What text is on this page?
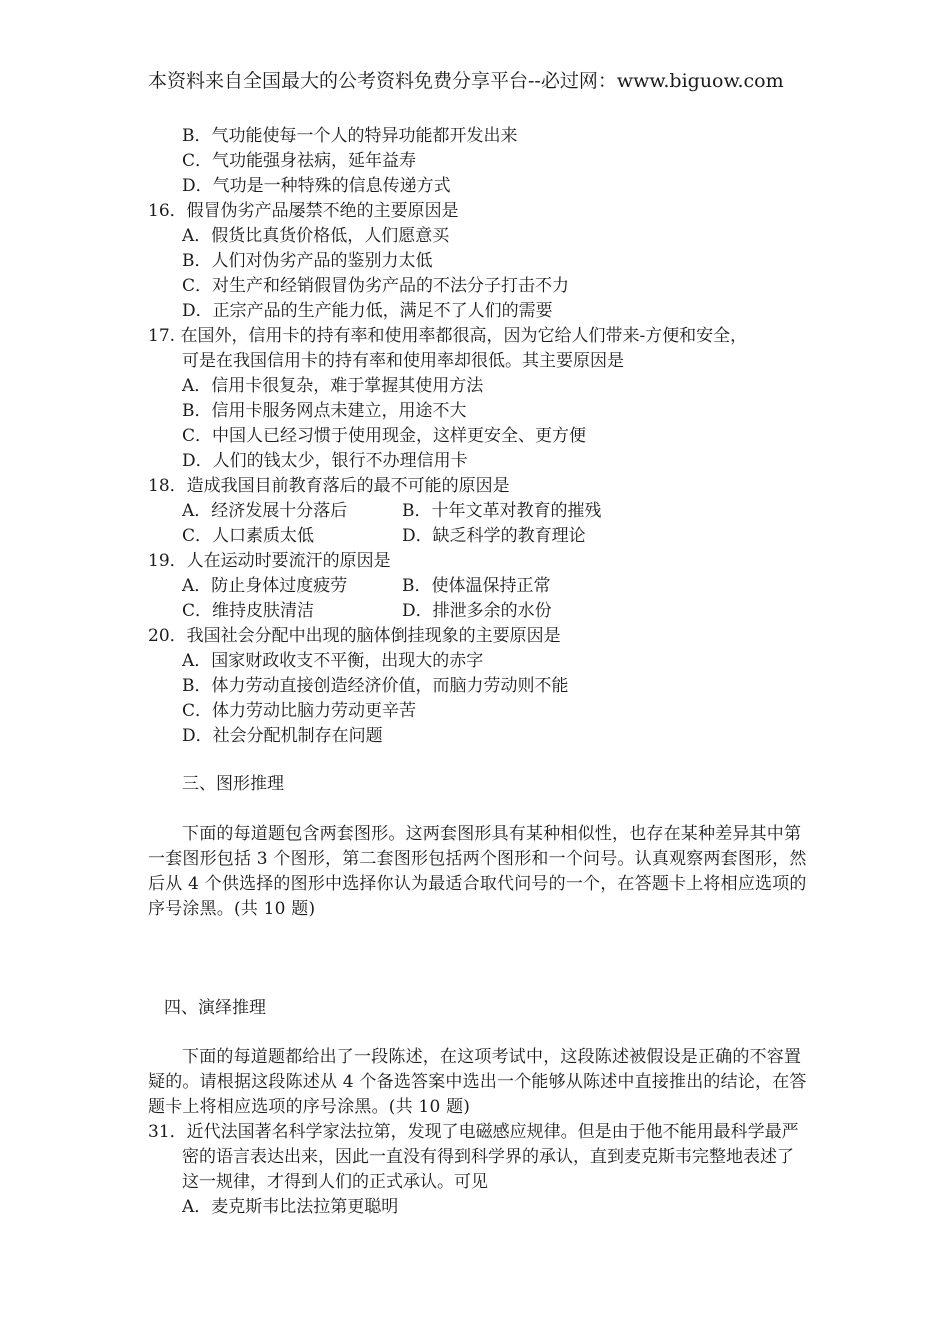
本资料来自全国最大的公考资料免费分享平台--必过网：www.biguow.com
B．气功能使每一个人的特异功能都开发出来
C．气功能强身祛病，延年益寿
D．气功是一种特殊的信息传递方式
16．假冒伪劣产品屡禁不绝的主要原因是
A．假货比真货价格低，人们愿意买
B．人们对伪劣产品的鉴别力太低
C．对生产和经销假冒伪劣产品的不法分子打击不力
D．正宗产品的生产能力低，满足不了人们的需要
17. 在国外，信用卡的持有率和使用率都很高，因为它给人们带来-方便和安全，
可是在我国信用卡的持有率和使用率却很低。其主要原因是
A．信用卡很复杂，难于掌握其使用方法
B．信用卡服务网点未建立，用途不大
C．中国人已经习惯于使用现金，这样更安全、更方便
D．人们的钱太少，银行不办理信用卡
18．造成我国目前教育落后的最不可能的原因是
A．经济发展十分落后	B．十年文革对教育的摧残
C．人口素质太低	D．缺乏科学的教育理论
19．人在运动时要流汗的原因是
A．防止身体过度疲劳	B．使体温保持正常
C．维持皮肤清洁	D．排泄多余的水份
20．我国社会分配中出现的脑体倒挂现象的主要原因是
A．国家财政收支不平衡，出现大的赤字
B．体力劳动直接创造经济价值，而脑力劳动则不能
C．体力劳动比脑力劳动更辛苦
D．社会分配机制存在问题
三、图形推理
下面的每道题包含两套图形。这两套图形具有某种相似性，也存在某种差异其中第一套图形包括 3 个图形，第二套图形包括两个图形和一个问号。认真观察两套图形，然后从 4 个供选择的图形中选择你认为最适合取代问号的一个，在答题卡上将相应选项的序号涂黑。(共 10 题)
四、演绎推理
下面的每道题都给出了一段陈述，在这项考试中，这段陈述被假设是正确的不容置疑的。请根据这段陈述从 4 个备选答案中选出一个能够从陈述中直接推出的结论，在答题卡上将相应选项的序号涂黑。(共 10 题)
31．近代法国著名科学家法拉第，发现了电磁感应规律。但是由于他不能用最科学最严密的语言表达出来，因此一直没有得到科学界的承认，直到麦克斯韦完整地表述了这一规律，才得到人们的正式承认。可见
A．麦克斯韦比法拉第更聪明
